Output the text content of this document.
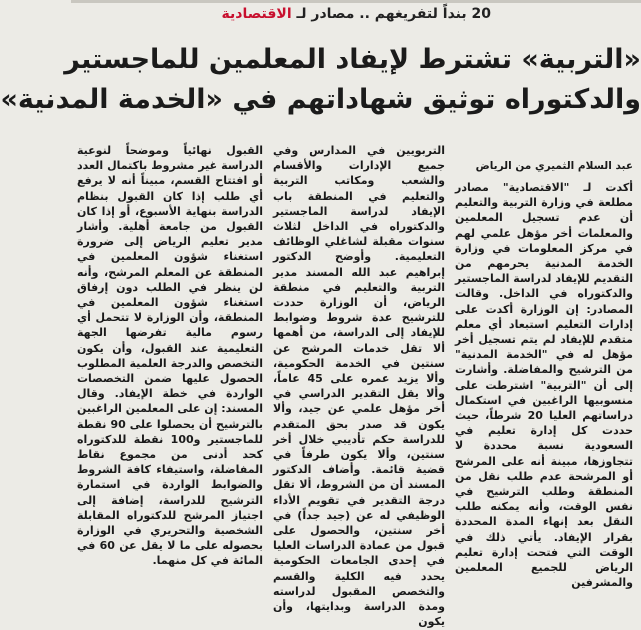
20 بنداً لتفريغهم .. مصادر لـ الاقتصادية
«التربية» تشترط لإيفاد المعلمين للماجستير
والدكتوراه توثيق شهاداتهم في «الخدمة المدنية»
عبد السلام الثميري من الرياض

أكدت لـ "الاقتصادية" مصادر مطلعة في وزارة التربية والتعليم أن عدم تسجيل المعلمين والمعلمات أخر مؤهل علمي لهم في مركز المعلومات في وزارة الخدمة المدنية يحرمهم من التقديم للإيفاد لدراسة الماجستير والدكتوراه في الداخل. وقالت المصادر: إن الوزارة أكدت على إدارات التعليم استبعاد أي معلم متقدم للإيفاد لم يتم تسجيل أخر مؤهل له في "الخدمة المدنية" من الترشيح والمفاضلة. وأشارت إلى أن "التربية" اشترطت على منسوبيها الراغبين في استكمال دراساتهم العليا 20 شرطاً، حيث حددت كل إدارة تعليم في السعودية نسبة محددة لا تتجاوزها، مبينة أنه على المرشح أو المرشحة عدم طلب نقل من المنطقة وطلب الترشيح في نفس الوقت، وأنه يمكنه طلب النقل بعد إنهاء المدة المحددة بقرار الإيفاد. يأتي ذلك في الوقت التي فتحت إدارة تعليم الرياض للجميع المعلمين والمشرفين

التربويين في المدارس وفي جميع الإدارات والأقسام والشعب ومكاتب التربية والتعليم في المنطقة باب الإيفاد لدراسة الماجستير والدكتوراه في الداخل لثلاث سنوات مقبلة لشاغلي الوظائف التعليمية. وأوضح الدكتور إبراهيم عبد الله المسند مدير التربية والتعليم في منطقة الرياض، أن الوزارة حددت للترشيح عدة شروط وضوابط للإيفاد إلى الدراسة، من أهمها ألا تقل خدمات المرشح عن سنتين في الخدمة الحكومية، وألا يزيد عمره على 45 عاماً، وألا يقل التقدير الدراسي في أخر مؤهل علمي عن جيد، وألا يكون قد صدر بحق المتقدم للدراسة حكم تأديبي خلال أخر سنتين، وألا يكون طرفاً في قضية قائمة. وأضاف الدكتور المسند أن من الشروط، ألا تقل درجة التقدير في تقويم الأداء الوظيفي له عن (جيد جداً) في أخر سنتين، والحصول على قبول من عمادة الدراسات العليا في إحدى الجامعات الحكومية يحدد فيه الكلية والقسم والتخصص المقبول لدراسته ومدة الدراسة وبدايتها، وأن يكون

القبول نهائياً وموضحاً لنوعية الدراسة غير مشروط باكتمال العدد أو افتتاح القسم، مبيناً أنه لا يرفع أي طلب إذا كان القبول بنظام الدراسة بنهاية الأسبوع، أو إذا كان القبول من جامعة أهلية. وأشار مدير تعليم الرياض إلى ضرورة استغناء شؤون المعلمين في المنطقة عن المعلم المرشح، وأنه لن ينظر في الطلب دون إرفاق استغناء شؤون المعلمين في المنطقة، وأن الوزارة لا تتحمل أي رسوم مالية تفرضها الجهة التعليمية عند القبول، وأن يكون التخصص والدرجة العلمية المطلوب الحصول عليها ضمن التخصصات الواردة في خطة الإيفاد. وقال المسند: إن على المعلمين الراغبين بالترشيح أن يحصلوا على 90 نقطة للماجستير و100 نقطة للدكتوراه كحد أدنى من مجموع نقاط المفاضلة، واستيفاء كافة الشروط والضوابط الواردة في استمارة الترشيح للدراسة، إضافة إلى اجتياز المرشح للدكتوراه المقابلة الشخصية والتحريري في الوزارة بحصوله على ما لا يقل عن 60 في المائة في كل منهما.
